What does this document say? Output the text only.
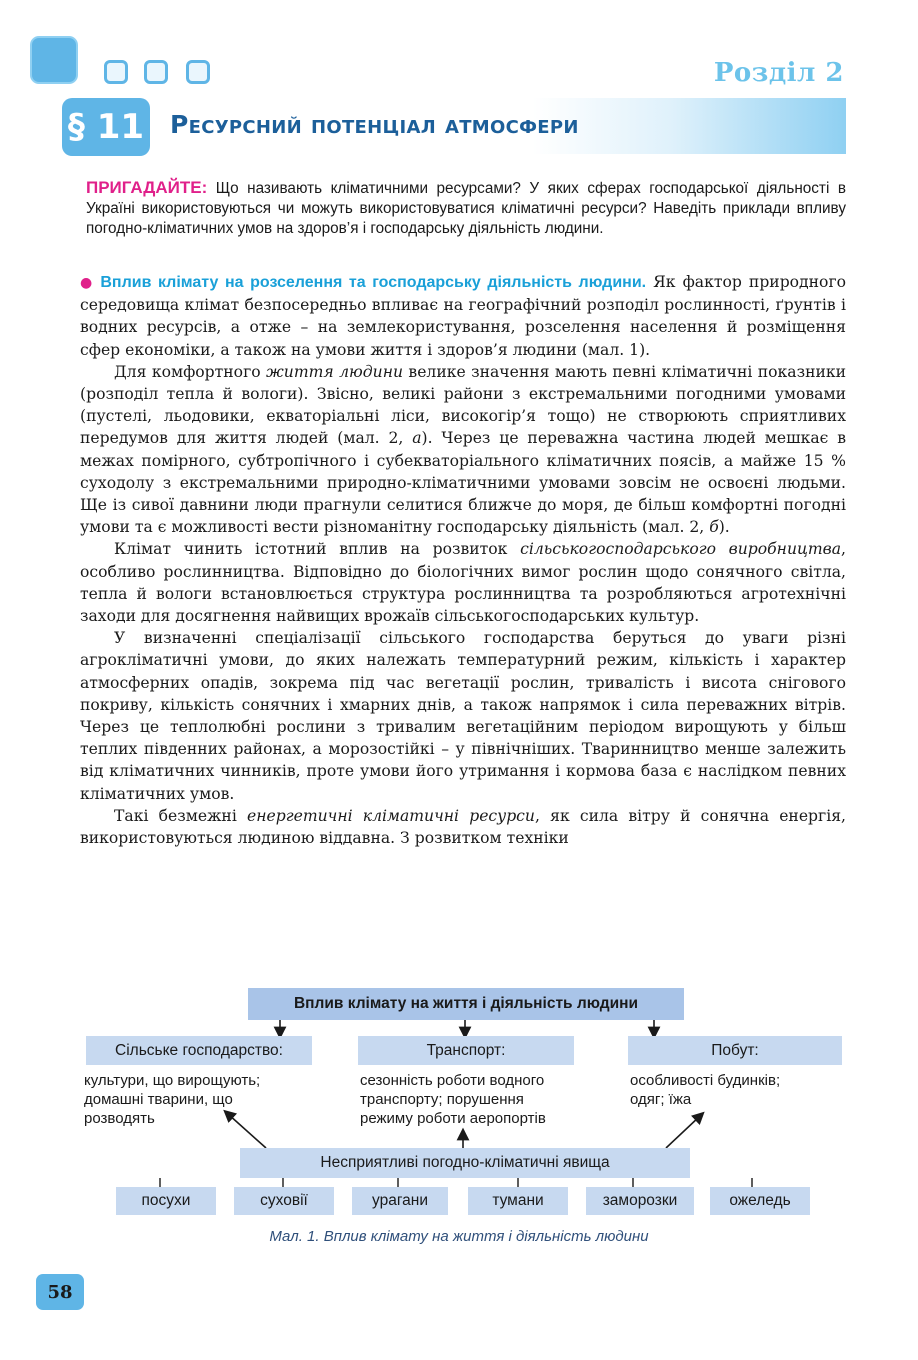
Розділ 2
§ 11 Ресурсний потенціал атмосфери
ПРИГАДАЙТЕ: Що називають кліматичними ресурсами? У яких сферах господарської діяльності в Україні використовуються чи можуть використовуватися кліматичні ресурси? Наведіть приклади впливу погодно-кліматичних умов на здоров’я і господарську діяльність людини.

● Вплив клімату на розселення та господарську діяльність людини. Як фактор природного середовища клімат безпосередньо впливає на географічний розподіл рослинності, ґрунтів і водних ресурсів, а отже – на землекористування, розселення населення й розміщення сфер економіки, а також на умови життя і здоров’я людини (мал. 1).

Для комфортного життя людини велике значення мають певні кліматичні показники (розподіл тепла й вологи). Звісно, великі райони з екстремальними погодними умовами (пустелі, льодовики, екваторіальні ліси, високогір’я тощо) не створюють сприятливих передумов для життя людей (мал. 2, а). Через це переважна частина людей мешкає в межах помірного, субтропічного і субекваторіального кліматичних поясів, а майже 15 % суходолу з екстремальними природно-кліматичними умовами зовсім не освоєні людьми. Ще із сивої давнини люди прагнули селитися ближче до моря, де більш комфортні погодні умови та є можливості вести різноманітну господарську діяльність (мал. 2, б).

Клімат чинить істотний вплив на розвиток сільськогосподарського виробництва, особливо рослинництва. Відповідно до біологічних вимог рослин щодо сонячного світла, тепла й вологи встановлюється структура рослинництва та розробляються агротехнічні заходи для досягнення найвищих врожаїв сільськогосподарських культур.

У визначенні спеціалізації сільського господарства беруться до уваги різні агрокліматичні умови, до яких належать температурний режим, кількість і характер атмосферних опадів, зокрема під час вегетації рослин, тривалість і висота снігового покриву, кількість сонячних і хмарних днів, а також напрямок і сила переважних вітрів. Через це теплолюбні рослини з тривалим вегетаційним періодом вирощують у більш теплих південних районах, а морозостійкі – у північніших. Тваринництво менше залежить від кліматичних чинників, проте умови його утримання і кормова база є наслідком певних кліматичних умов.

Такі безмежні енергетичні кліматичні ресурси, як сила вітру й сонячна енергія, використовуються людиною віддавна. З розвитком техніки

Вплив клімату на життя і діяльність людини
Сільське господарство:	Транспорт:	Побут:
культури, що вирощують;
домашні тварини, що
розводять
сезонність роботи водного
транспорту; порушення
режиму роботи аеропортів
особливості будинків;
одяг; їжа
Несприятливі погодно-кліматичні явища
посухи	суховії	урагани	тумани	заморозки	ожеледь
Мал. 1. Вплив клімату на життя і діяльність людини
58
